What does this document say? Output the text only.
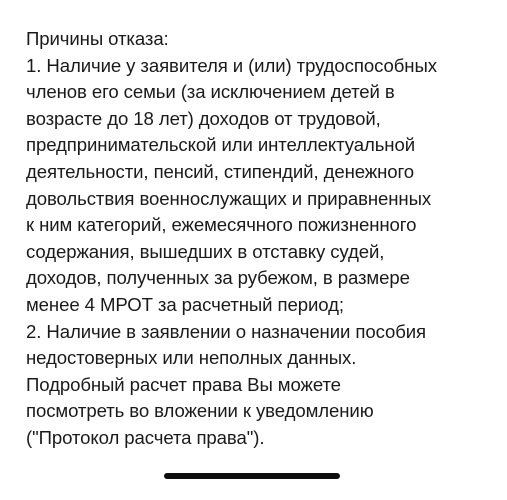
Причины отказа:
1. Наличие у заявителя и (или) трудоспособных
членов его семьи (за исключением детей в
возрасте до 18 лет) доходов от трудовой,
предпринимательской или интеллектуальной
деятельности, пенсий, стипендий, денежного
довольствия военнослужащих и приравненных
к ним категорий, ежемесячного пожизненного
содержания, вышедших в отставку судей,
доходов, полученных за рубежом, в размере
менее 4 МРОТ за расчетный период;
2. Наличие в заявлении о назначении пособия
недостоверных или неполных данных.
Подробный расчет права Вы можете
посмотреть во вложении к уведомлению
("Протокол расчета права").
